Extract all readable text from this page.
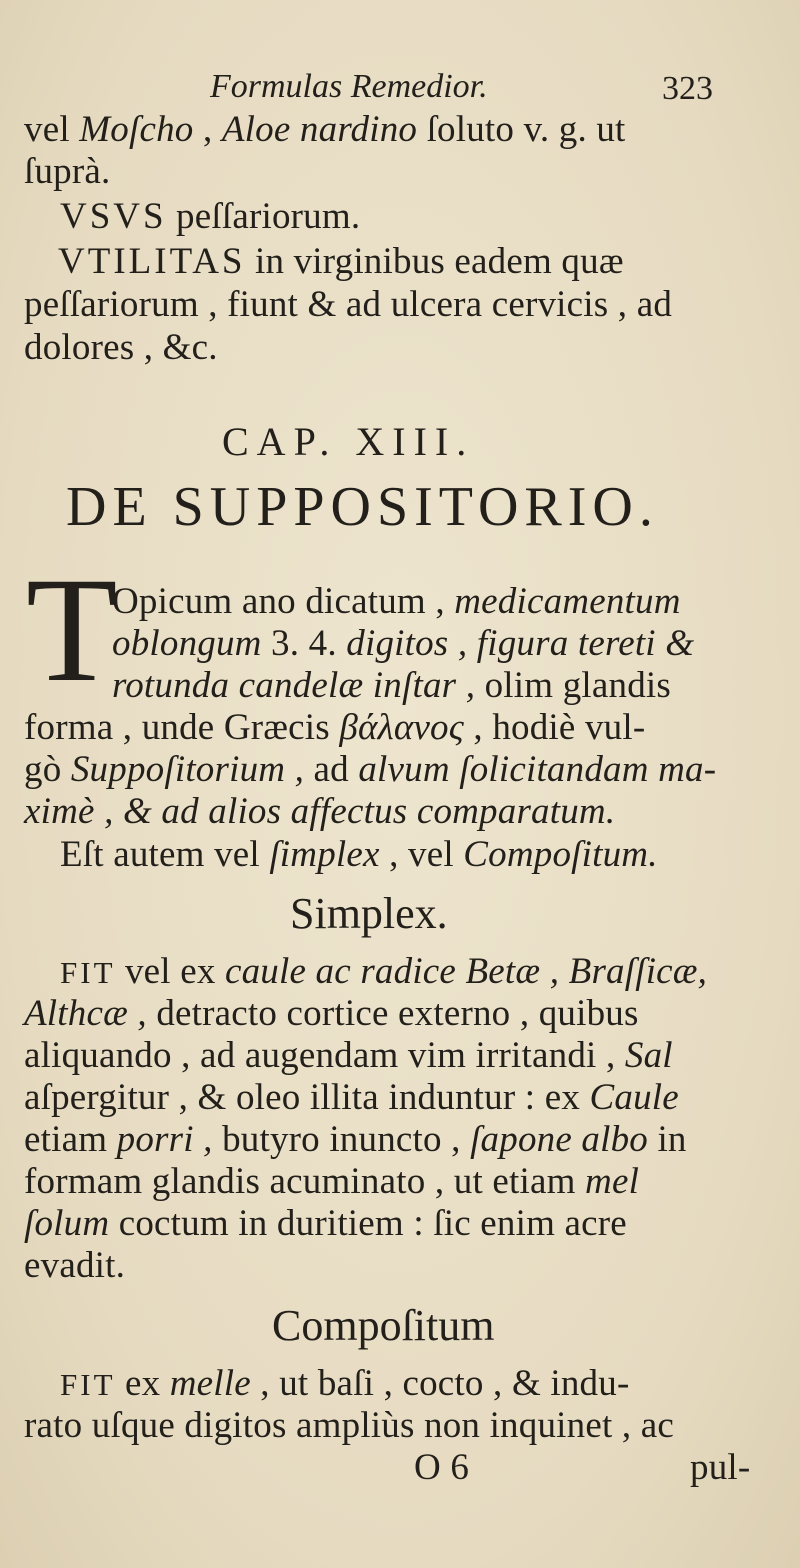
Formulas Remedior.	323
vel Moſcho , Aloe nardino ſoluto v. g. ut
ſuprà.
VSVS peſſariorum.
VTILITAS in virginibus eadem quæ
peſſariorum , fiunt & ad ulcera cervicis , ad
dolores , &c.
CAP. XIII.
DE SUPPOSITORIO.
T
Opicum ano dicatum , medicamentum
oblongum 3. 4. digitos , figura tereti &
rotunda candelæ inſtar , olim glandis
forma , unde Græcis βάλανος , hodiè vul-
gò Suppoſitorium , ad alvum ſolicitandam ma-
ximè , & ad alios affectus comparatum.
Eſt autem vel ſimplex , vel Compoſitum.
Simplex.
FIT vel ex caule ac radice Betæ , Braſſicæ,
Althcæ , detracto cortice externo , quibus
aliquando , ad augendam vim irritandi , Sal
aſpergitur , & oleo illita induntur : ex Caule
etiam porri , butyro inuncto , ſapone albo in
formam glandis acuminato , ut etiam mel
ſolum coctum in duritiem : ſic enim acre
evadit.
Compoſitum
FIT ex melle , ut baſi , cocto , & indu-
rato uſque digitos ampliùs non inquinet , ac
O 6	pul-
